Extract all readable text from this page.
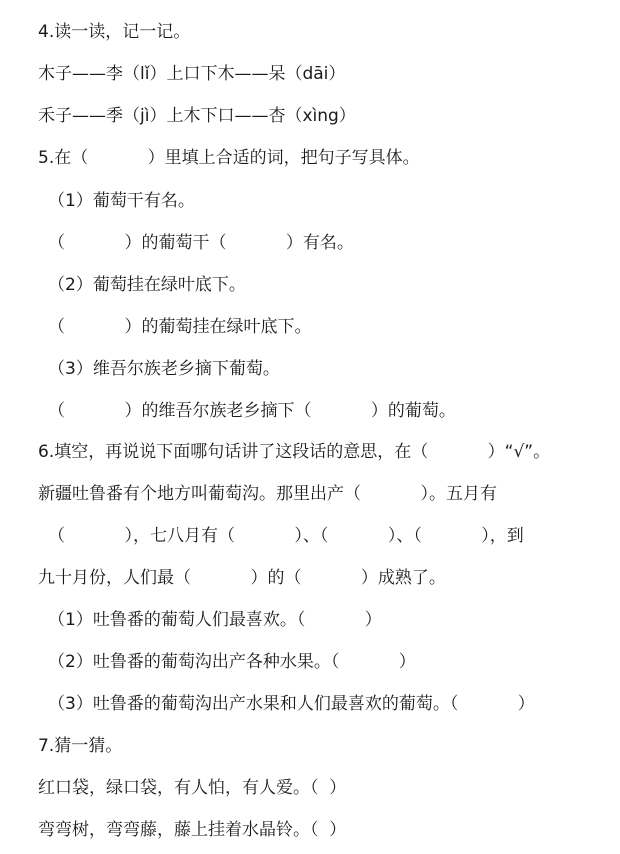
4.读一读，记一记。
木子——李（lǐ）上口下木——呆（dāi）
禾子——季（jì）上木下口——杏（xìng）
5.在（           ）里填上合适的词，把句子写具体。
（1）葡萄干有名。
（           ）的葡萄干（           ）有名。
（2）葡萄挂在绿叶底下。
（           ）的葡萄挂在绿叶底下。
（3）维吾尔族老乡摘下葡萄。
（           ）的维吾尔族老乡摘下（           ）的葡萄。
6.填空，再说说下面哪句话讲了这段话的意思，在（           ）“√”。
新疆吐鲁番有个地方叫葡萄沟。那里出产（           ）。五月有
（           ），七八月有（           ）、（           ）、（           ），到
九十月份，人们最（           ）的（           ）成熟了。
（1）吐鲁番的葡萄人们最喜欢。（           ）
（2）吐鲁番的葡萄沟出产各种水果。（           ）
（3）吐鲁番的葡萄沟出产水果和人们最喜欢的葡萄。（           ）
7.猜一猜。
红口袋，绿口袋，有人怕，有人爱。（  ）
弯弯树，弯弯藤，藤上挂着水晶铃。（  ）
